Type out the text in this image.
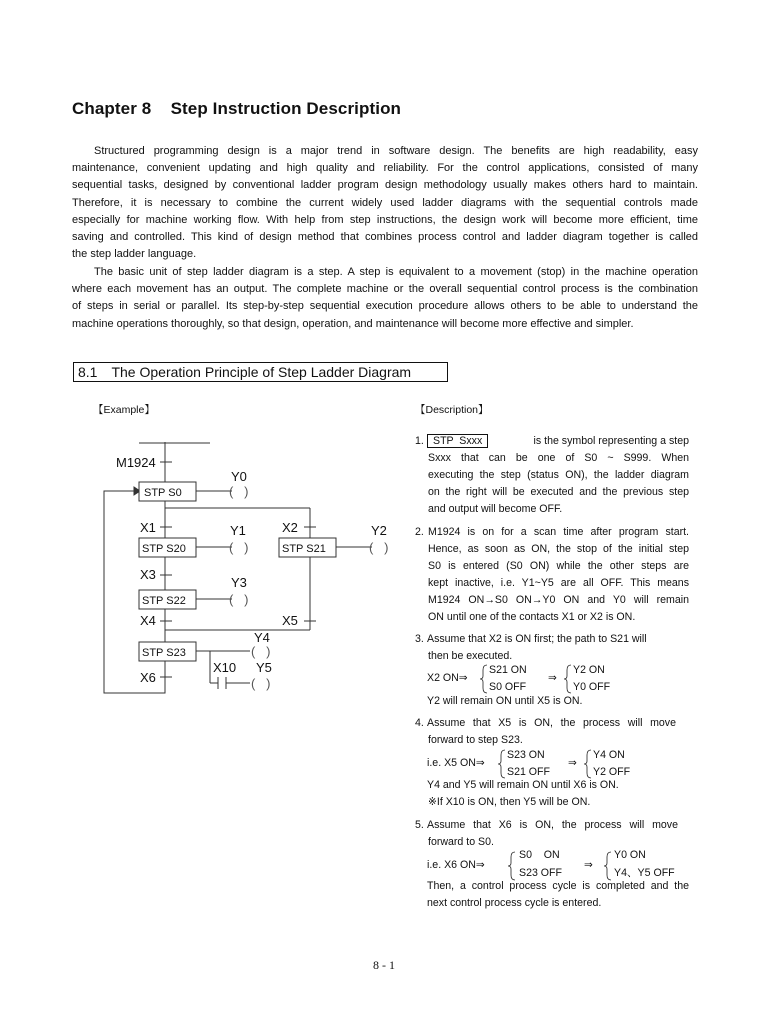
Chapter 8    Step Instruction Description
Structured programming design is a major trend in software design. The benefits are high readability, easy
maintenance, convenient updating and high quality and reliability. For the control applications, consisted of many
sequential tasks, designed by conventional ladder program design methodology usually makes others hard to maintain.
Therefore, it is necessary to combine the current widely used ladder diagrams with the sequential controls made
especially for machine working flow. With help from step instructions, the design work will become more efficient, time
saving and controlled. This kind of design method that combines process control and ladder diagram together is called
the step ladder language.
The basic unit of step ladder diagram is a step. A step is equivalent to a movement (stop) in the machine operation
where each movement has an output. The complete machine or the overall sequential control process is the combination
of steps in serial or parallel. Its step-by-step sequential execution procedure allows others to be able to understand the
machine operations thoroughly, so that design, operation, and maintenance will become more effective and simpler.
8.1 The Operation Principle of Step Ladder Diagram
【Example】	【Description】
M1924
Y0
STP S0
X1	Y1	X2	Y2
STP S20	STP S21
X3
Y3
STP S22
X4	X5
Y4
STP S23
X10 Y5
X6
(   )
(   )	(   )
(   )
(   )
(   )
1. STP  Sxxx	is the symbol representing a step
Sxxx that can be one of S0 ~ S999. When
executing the step (status ON), the ladder diagram
on the right will be executed and the previous step
and output will become OFF.
2. M1924 is on for a scan time after program start.
Hence, as soon as ON, the stop of the initial step
S0 is entered (S0 ON) while the other steps are
kept inactive, i.e. Y1~Y5 are all OFF. This means
M1924 ON→S0 ON→Y0 ON and Y0 will remain
ON until one of the contacts X1 or X2 is ON.
3. Assume that X2 is ON first; the path to S21 will
then be executed.
X2 ON⇒
S21 ON
S0 OFF
⇒
Y2 ON
Y0 OFF
Y2 will remain ON until X5 is ON.
4. Assume that X5 is ON, the process will move
forward to step S23.
i.e. X5 ON⇒
S23 ON
S21 OFF
⇒
Y4 ON
Y2 OFF
Y4 and Y5 will remain ON until X6 is ON.
※If X10 is ON, then Y5 will be ON.
5. Assume that X6 is ON, the process will move
forward to S0.
i.e. X6 ON⇒
S0    ON
S23 OFF
⇒
Y0 ON
Y4、Y5 OFF
Then, a control process cycle is completed and the
next control process cycle is entered.
8 - 1
